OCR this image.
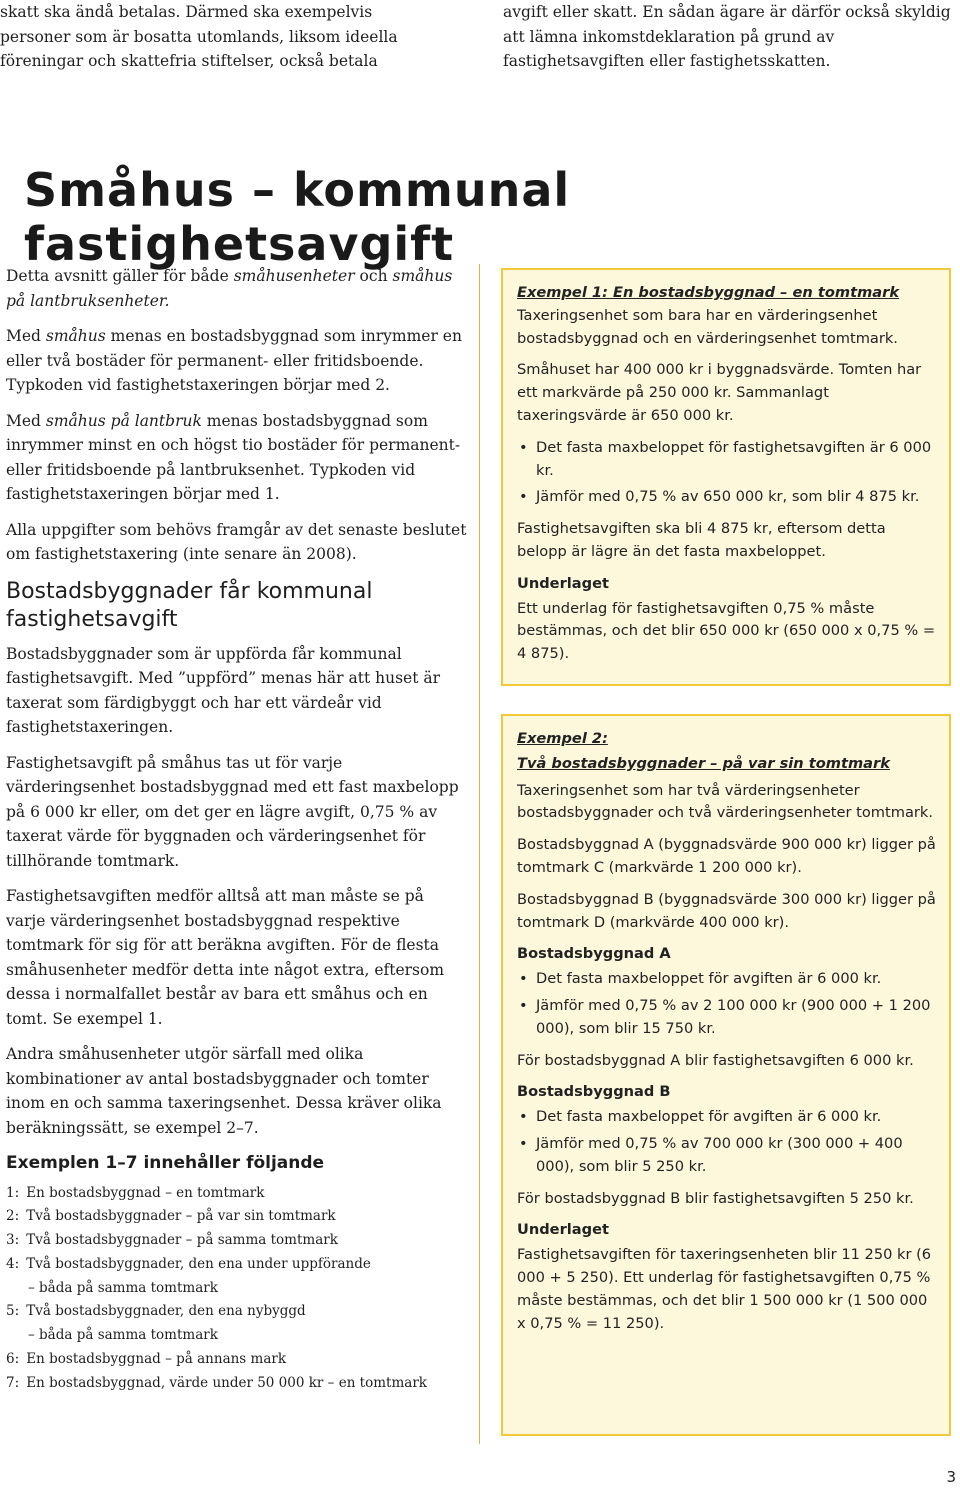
skatt ska ändå betalas. Därmed ska exempelvis personer som är bosatta utomlands, liksom ideella föreningar och skattefria stiftelser, också betala

avgift eller skatt. En sådan ägare är därför också skyldig att lämna inkomstdeklaration på grund av fastighetsavgiften eller fastighetsskatten.

Småhus – kommunal fastighetsavgift

Detta avsnitt gäller för både småhusenheter och småhus på lantbruksenheter.

Med småhus menas en bostadsbyggnad som inrymmer en eller två bostäder för permanent- eller fritidsboende. Typkoden vid fastighetstaxeringen börjar med 2.

Med småhus på lantbruk menas bostadsbyggnad som inrymmer minst en och högst tio bostäder för permanent- eller fritidsboende på lantbruksenhet. Typkoden vid fastighetstaxeringen börjar med 1.

Alla uppgifter som behövs framgår av det senaste beslutet om fastighetstaxering (inte senare än 2008).

Bostadsbyggnader får kommunal fastighetsavgift

Bostadsbyggnader som är uppförda får kommunal fastighetsavgift. Med ”uppförd” menas här att huset är taxerat som färdigbyggt och har ett värdeår vid fastighetstaxeringen.

Fastighetsavgift på småhus tas ut för varje värderingsenhet bostadsbyggnad med ett fast maxbelopp på 6 000 kr eller, om det ger en lägre avgift, 0,75 % av taxerat värde för byggnaden och värderingsenhet för tillhörande tomtmark.

Fastighetsavgiften medför alltså att man måste se på varje värderingsenhet bostadsbyggnad respektive tomtmark för sig för att beräkna avgiften. För de flesta småhusenheter medför detta inte något extra, eftersom dessa i normalfallet består av bara ett småhus och en tomt. Se exempel 1.

Andra småhusenheter utgör särfall med olika kombinationer av antal bostadsbyggnader och tomter inom en och samma taxeringsenhet. Dessa kräver olika beräkningssätt, se exempel 2–7.

Exemplen 1–7 innehåller följande
1: En bostadsbyggnad – en tomtmark
2: Två bostadsbyggnader – på var sin tomtmark
3: Två bostadsbyggnader – på samma tomtmark
4: Två bostadsbyggnader, den ena under uppförande
– båda på samma tomtmark
5: Två bostadsbyggnader, den ena nybyggd
– båda på samma tomtmark
6: En bostadsbyggnad – på annans mark
7: En bostadsbyggnad, värde under 50 000 kr – en tomtmark

Exempel 1: En bostadsbyggnad – en tomtmark

Taxeringsenhet som bara har en värderingsenhet bostadsbyggnad och en värderingsenhet tomtmark.

Småhuset har 400 000 kr i byggnadsvärde. Tomten har ett markvärde på 250 000 kr. Sammanlagt taxeringsvärde är 650 000 kr.

• Det fasta maxbeloppet för fastighetsavgiften är 6 000 kr.
• Jämför med 0,75 % av 650 000 kr, som blir 4 875 kr.

Fastighetsavgiften ska bli 4 875 kr, eftersom detta belopp är lägre än det fasta maxbeloppet.

Underlaget

Ett underlag för fastighetsavgiften 0,75 % måste bestämmas, och det blir 650 000 kr (650 000 x 0,75 % = 4 875).

Exempel 2:

Två bostadsbyggnader – på var sin tomtmark

Taxeringsenhet som har två värderingsenheter bostadsbyggnader och två värderingsenheter tomtmark.

Bostadsbyggnad A (byggnadsvärde 900 000 kr) ligger på tomtmark C (markvärde 1 200 000 kr).

Bostadsbyggnad B (byggnadsvärde 300 000 kr) ligger på tomtmark D (markvärde 400 000 kr).

Bostadsbyggnad A

• Det fasta maxbeloppet för avgiften är 6 000 kr.
• Jämför med 0,75 % av 2 100 000 kr (900 000 + 1 200 000), som blir 15 750 kr.

För bostadsbyggnad A blir fastighetsavgiften 6 000 kr.

Bostadsbyggnad B

• Det fasta maxbeloppet för avgiften är 6 000 kr.
• Jämför med 0,75 % av 700 000 kr (300 000 + 400 000), som blir 5 250 kr.

För bostadsbyggnad B blir fastighetsavgiften 5 250 kr.

Underlaget

Fastighetsavgiften för taxeringsenheten blir 11 250 kr (6 000 + 5 250). Ett underlag för fastighetsavgiften 0,75 % måste bestämmas, och det blir 1 500 000 kr (1 500 000 x 0,75 % = 11 250).

3
